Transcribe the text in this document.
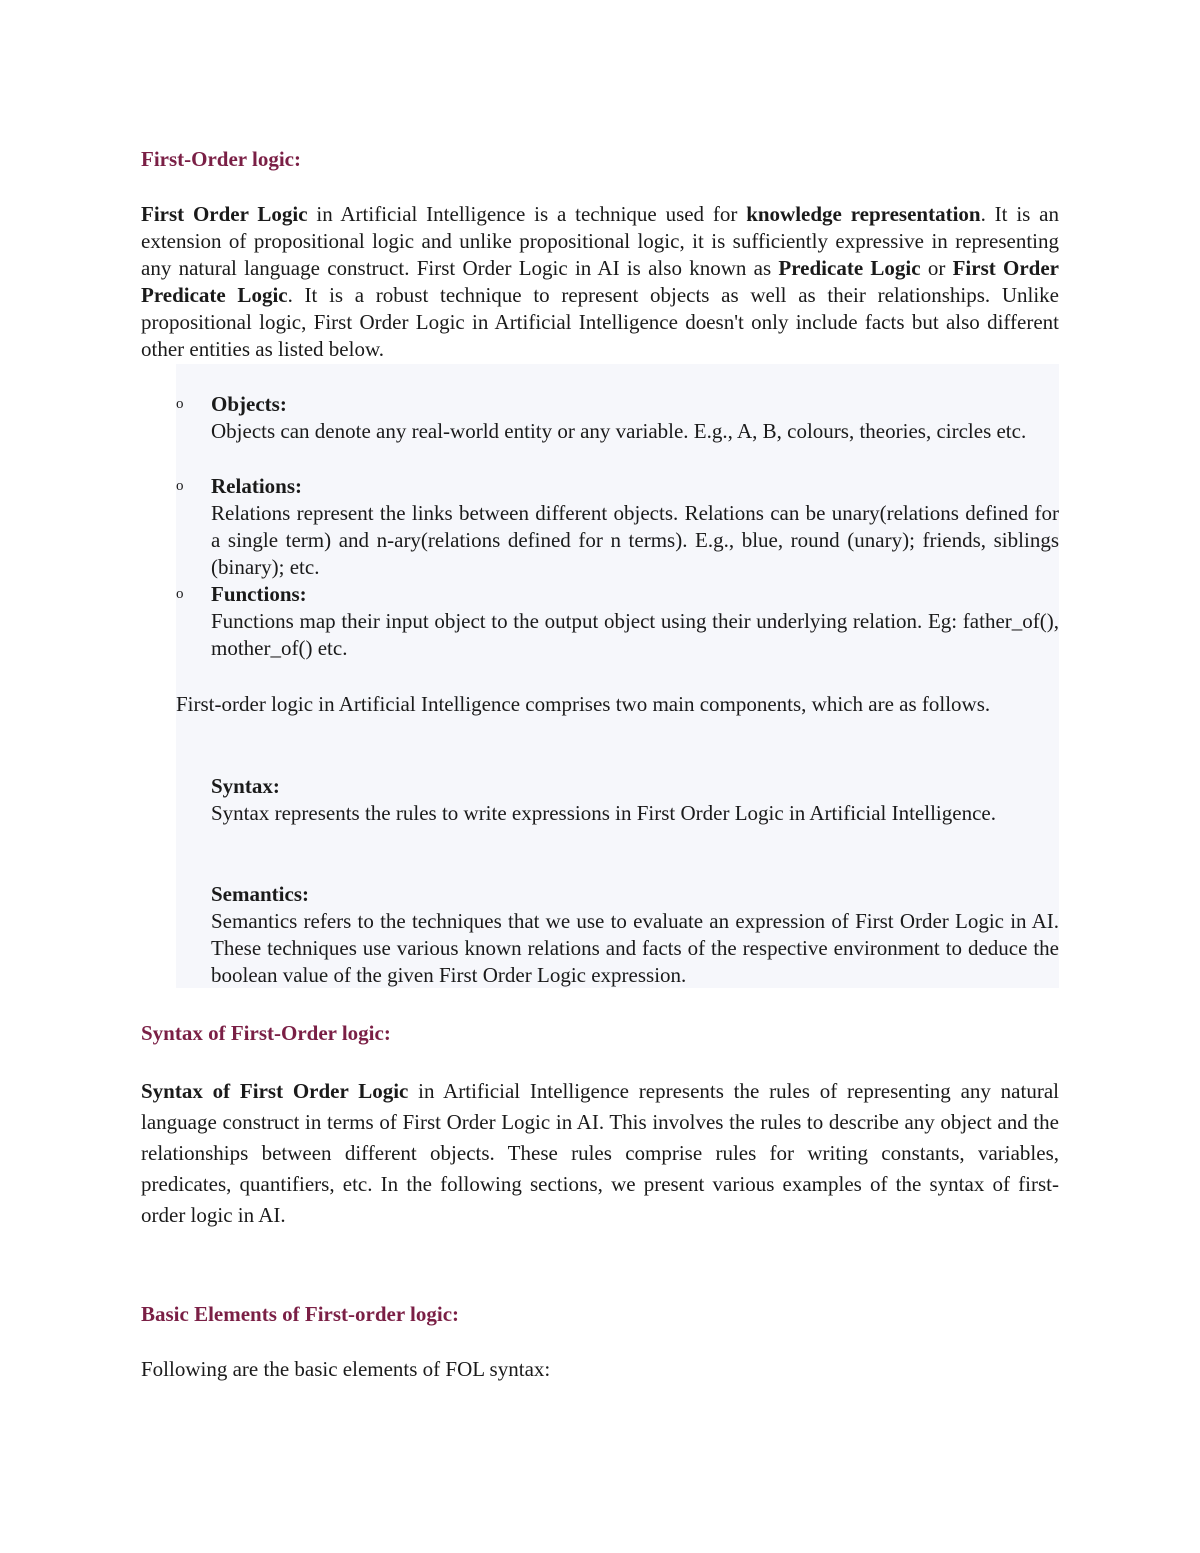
First-Order logic:
First Order Logic in Artificial Intelligence is a technique used for knowledge representation. It is an extension of propositional logic and unlike propositional logic, it is sufficiently expressive in representing any natural language construct. First Order Logic in AI is also known as Predicate Logic or First Order Predicate Logic. It is a robust technique to represent objects as well as their relationships. Unlike propositional logic, First Order Logic in Artificial Intelligence doesn't only include facts but also different other entities as listed below.
o Objects:
Objects can denote any real-world entity or any variable. E.g., A, B, colours, theories, circles etc.
o Relations:
Relations represent the links between different objects. Relations can be unary(relations defined for a single term) and n-ary(relations defined for n terms). E.g., blue, round (unary); friends, siblings (binary); etc.
o Functions:
Functions map their input object to the output object using their underlying relation. Eg: father_of(), mother_of() etc.
First-order logic in Artificial Intelligence comprises two main components, which are as follows.
Syntax:
Syntax represents the rules to write expressions in First Order Logic in Artificial Intelligence.
Semantics:
Semantics refers to the techniques that we use to evaluate an expression of First Order Logic in AI. These techniques use various known relations and facts of the respective environment to deduce the boolean value of the given First Order Logic expression.
Syntax of First-Order logic:
Syntax of First Order Logic in Artificial Intelligence represents the rules of representing any natural language construct in terms of First Order Logic in AI. This involves the rules to describe any object and the relationships between different objects. These rules comprise rules for writing constants, variables, predicates, quantifiers, etc. In the following sections, we present various examples of the syntax of first-order logic in AI.
Basic Elements of First-order logic:
Following are the basic elements of FOL syntax:
